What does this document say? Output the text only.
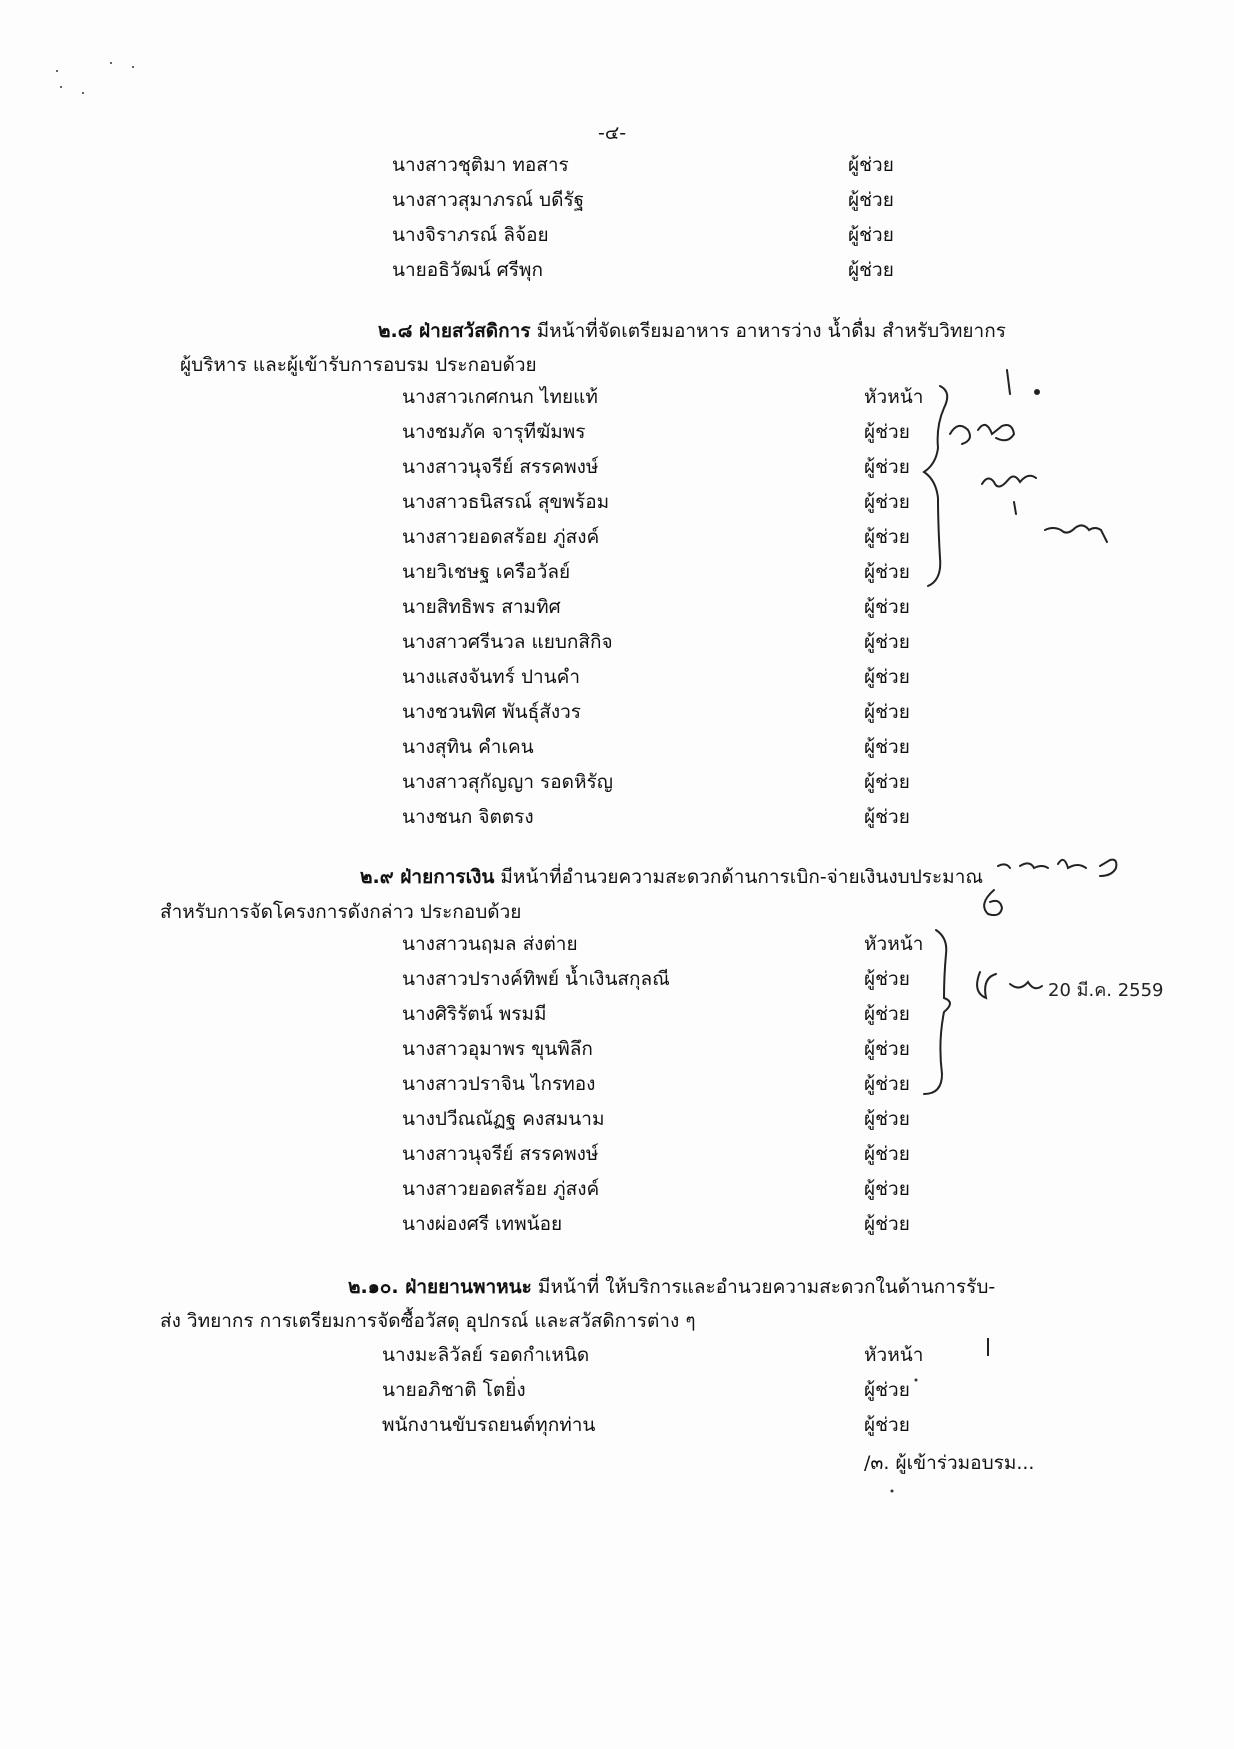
-๔-
นางสาวชุติมา ทอสาร	ผู้ช่วย
นางสาวสุมาภรณ์ บดีรัฐ	ผู้ช่วย
นางจิราภรณ์ ลิจ้อย	ผู้ช่วย
นายอธิวัฒน์ ศรีพุก	ผู้ช่วย
๒.๘ ฝ่ายสวัสดิการ มีหน้าที่จัดเตรียมอาหาร อาหารว่าง น้ำดื่ม สำหรับวิทยากร
ผู้บริหาร และผู้เข้ารับการอบรม ประกอบด้วย
นางสาวเกศกนก ไทยแท้	หัวหน้า
นางชมภัค จารุทีฆัมพร	ผู้ช่วย
นางสาวนุจรีย์ สรรคพงษ์	ผู้ช่วย
นางสาวธนิสรณ์ สุขพร้อม	ผู้ช่วย
นางสาวยอดสร้อย ภู่สงค์	ผู้ช่วย
นายวิเชษฐ เครือวัลย์	ผู้ช่วย
นายสิทธิพร สามทิศ	ผู้ช่วย
นางสาวศรีนวล แยบกสิกิจ	ผู้ช่วย
นางแสงจันทร์ ปานคำ	ผู้ช่วย
นางชวนพิศ พันธุ์สังวร	ผู้ช่วย
นางสุทิน คำเคน	ผู้ช่วย
นางสาวสุกัญญา รอดหิรัญ	ผู้ช่วย
นางชนก จิตตรง	ผู้ช่วย
๒.๙ ฝ่ายการเงิน มีหน้าที่อำนวยความสะดวกด้านการเบิก-จ่ายเงินงบประมาณ
สำหรับการจัดโครงการดังกล่าว ประกอบด้วย
นางสาวนฤมล ส่งต่าย	หัวหน้า
นางสาวปรางค์ทิพย์ น้ำเงินสกุลณี	ผู้ช่วย
นางศิริรัตน์ พรมมี	ผู้ช่วย
นางสาวอุมาพร ขุนพิลึก	ผู้ช่วย
นางสาวปราจิน ไกรทอง	ผู้ช่วย
นางปวีณณัฏฐ คงสมนาม	ผู้ช่วย
นางสาวนุจรีย์ สรรคพงษ์	ผู้ช่วย
นางสาวยอดสร้อย ภู่สงค์	ผู้ช่วย
นางผ่องศรี เทพน้อย	ผู้ช่วย
๒.๑๐. ฝ่ายยานพาหนะ มีหน้าที่ ให้บริการและอำนวยความสะดวกในด้านการรับ-
ส่ง วิทยากร การเตรียมการจัดซื้อวัสดุ อุปกรณ์ และสวัสดิการต่าง ๆ
นางมะลิวัลย์ รอดกำเหนิด	หัวหน้า
นายอภิชาติ โตยิ่ง	ผู้ช่วย
พนักงานขับรถยนต์ทุกท่าน	ผู้ช่วย
/๓. ผู้เข้าร่วมอบรม...
20 มี.ค. 2559
